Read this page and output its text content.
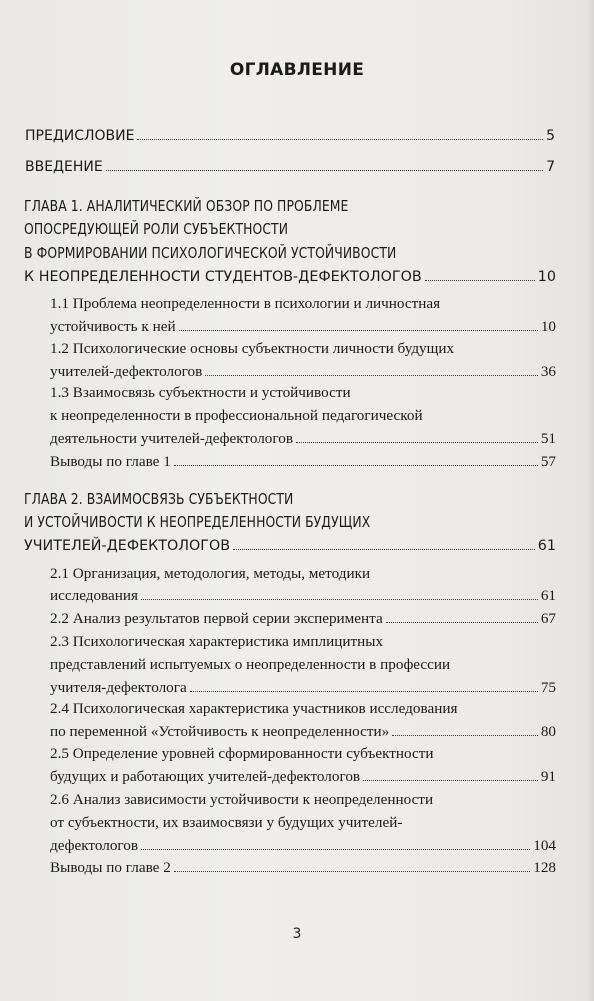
ОГЛАВЛЕНИЕ
ПРЕДИСЛОВИЕ	5
ВВЕДЕНИЕ	7
ГЛАВА 1. АНАЛИТИЧЕСКИЙ ОБЗОР ПО ПРОБЛЕМЕ
ОПОСРЕДУЮЩЕЙ РОЛИ СУБЪЕКТНОСТИ
В ФОРМИРОВАНИИ ПСИХОЛОГИЧЕСКОЙ УСТОЙЧИВОСТИ
К НЕОПРЕДЕЛЕННОСТИ СТУДЕНТОВ-ДЕФЕКТОЛОГОВ	10
1.1 Проблема неопределенности в психологии и личностная
устойчивость к ней	10
1.2 Психологические основы субъектности личности будущих
учителей-дефектологов	36
1.3 Взаимосвязь субъектности и устойчивости
к неопределенности в профессиональной педагогической
деятельности учителей-дефектологов	51
Выводы по главе 1	57
ГЛАВА 2. ВЗАИМОСВЯЗЬ СУБЪЕКТНОСТИ
И УСТОЙЧИВОСТИ К НЕОПРЕДЕЛЕННОСТИ БУДУЩИХ
УЧИТЕЛЕЙ-ДЕФЕКТОЛОГОВ	61
2.1 Организация, методология, методы, методики
исследования	61
2.2 Анализ результатов первой серии эксперимента	67
2.3 Психологическая характеристика имплицитных
представлений испытуемых о неопределенности в профессии
учителя-дефектолога	75
2.4 Психологическая характеристика участников исследования
по переменной «Устойчивость к неопределенности»	80
2.5 Определение уровней сформированности субъектности
будущих и работающих учителей-дефектологов	91
2.6 Анализ зависимости устойчивости к неопределенности
от субъектности, их взаимосвязи у будущих учителей-
дефектологов	104
Выводы по главе 2	128
3
